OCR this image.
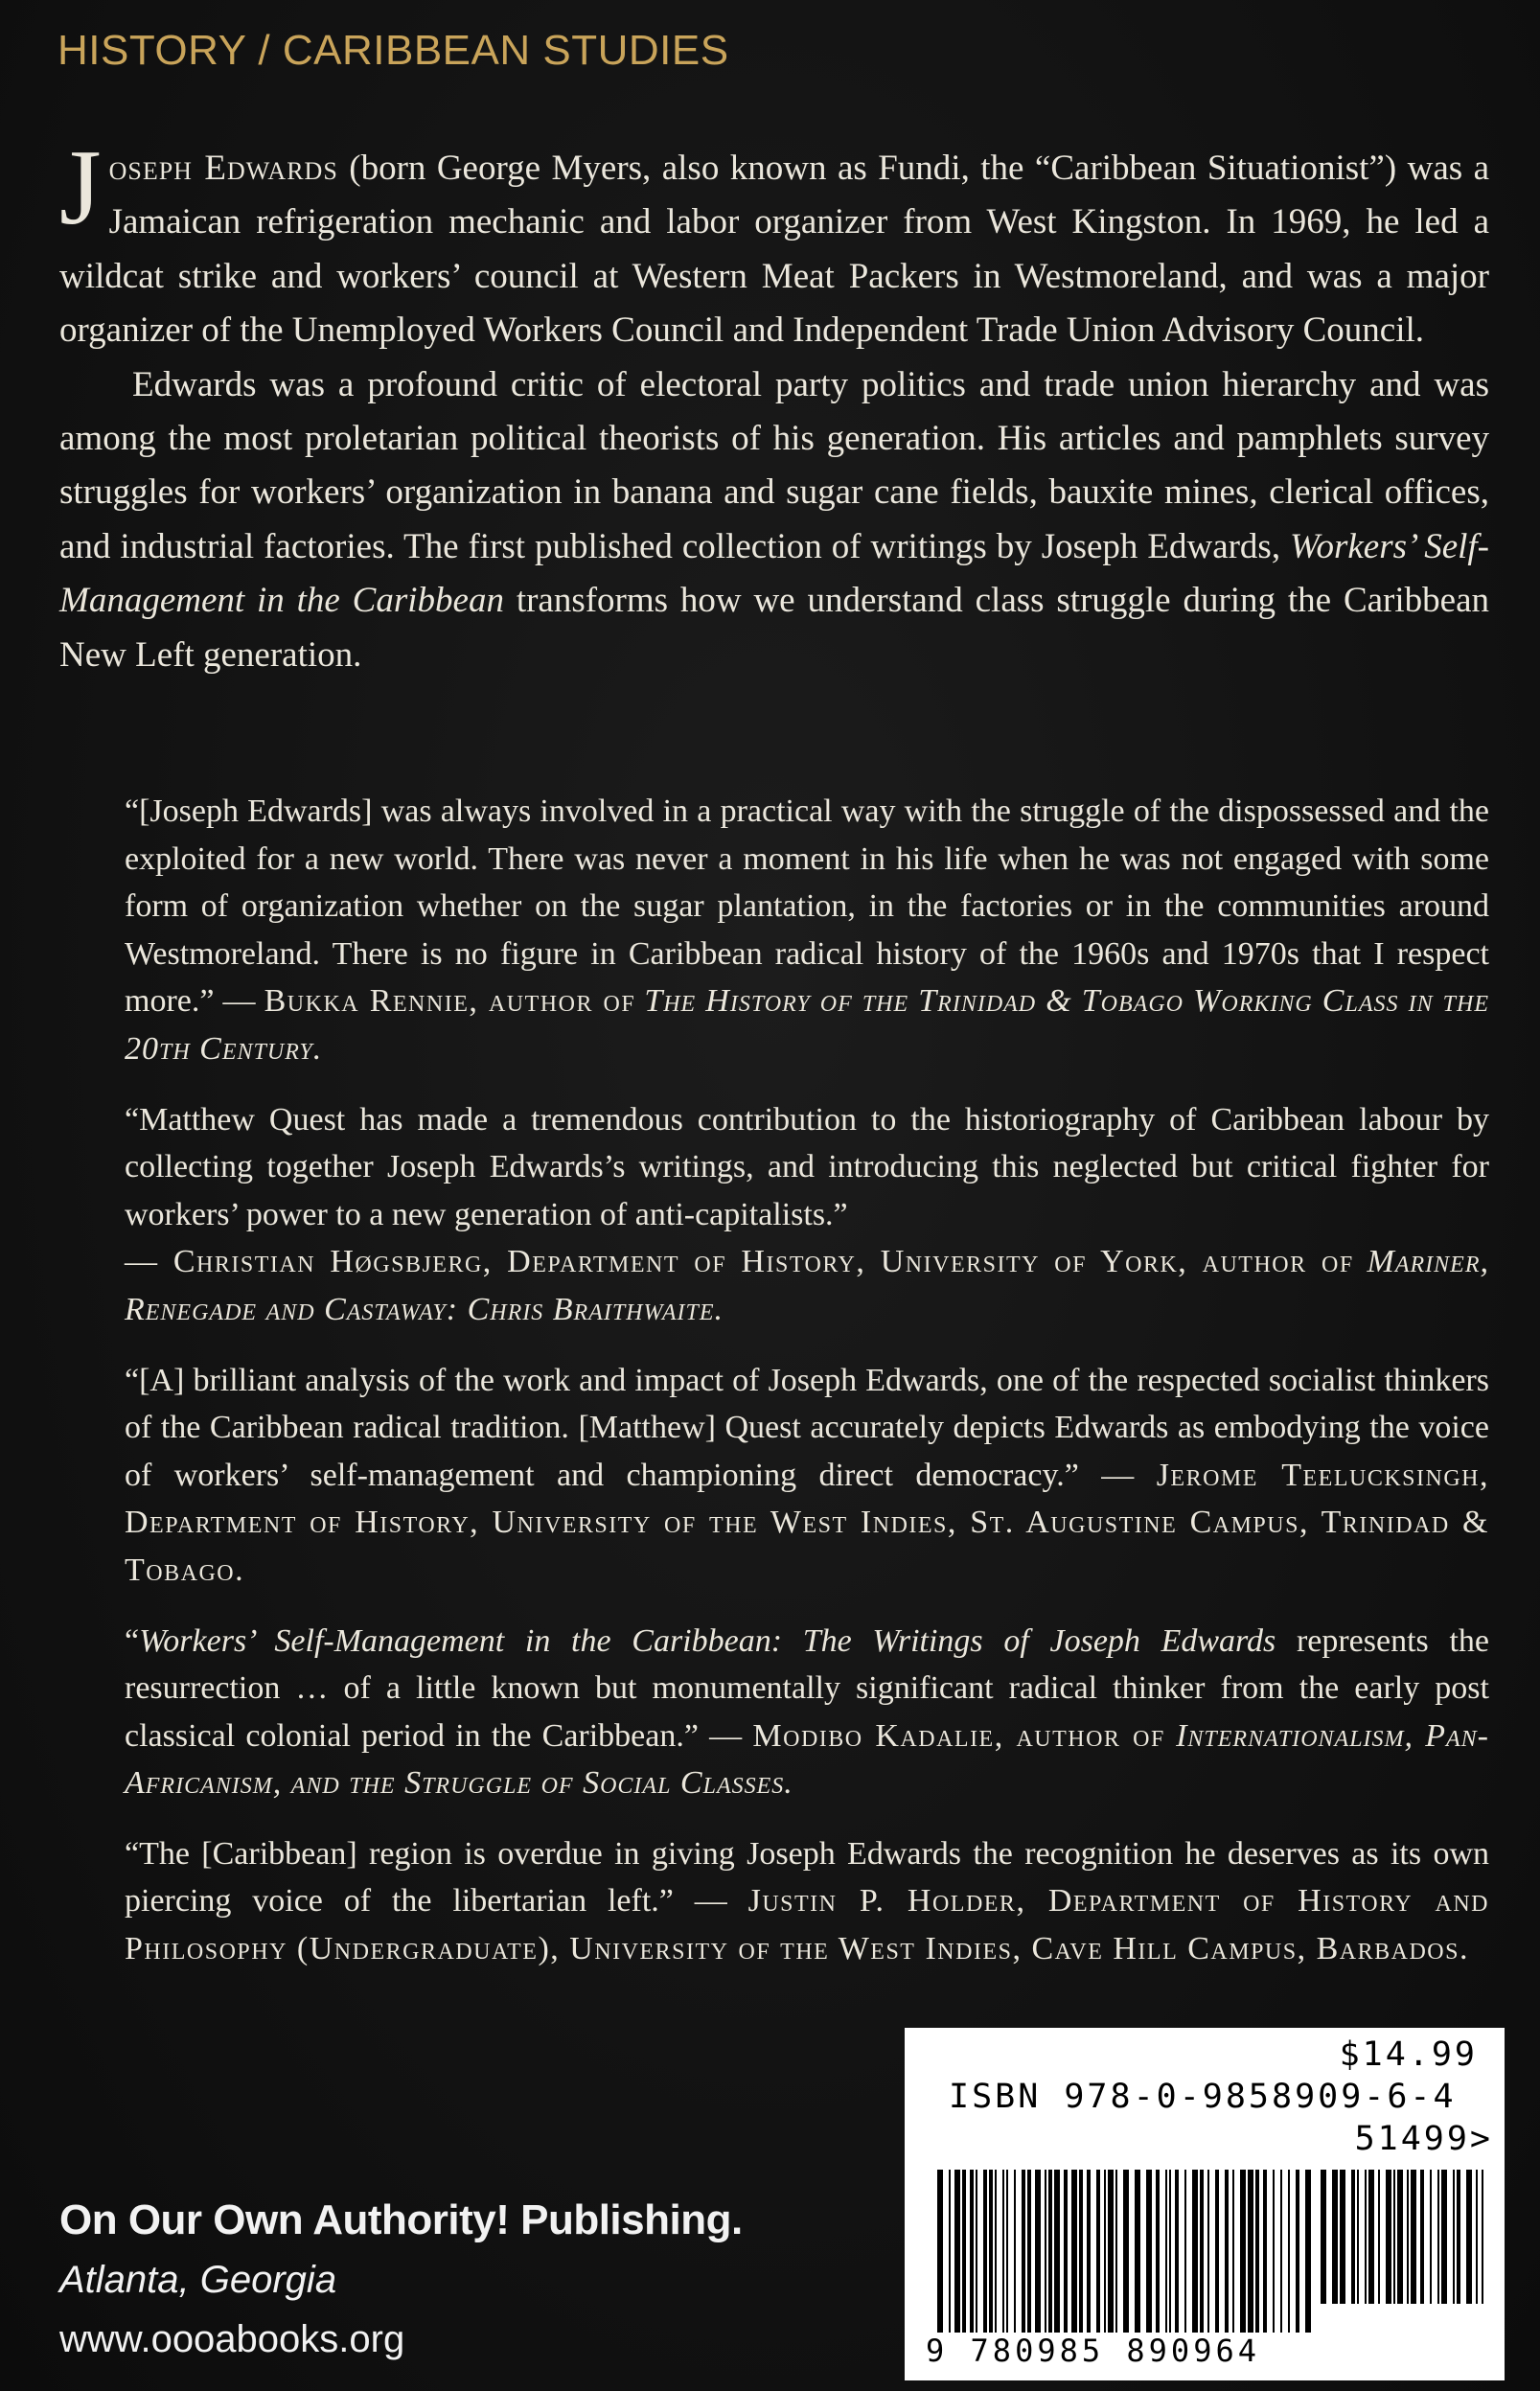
HISTORY / CARIBBEAN STUDIES

Joseph Edwards (born George Myers, also known as Fundi, the “Caribbean Situationist”) was a Jamaican refrigeration mechanic and labor organizer from West Kingston. In 1969, he led a wildcat strike and workers’ council at Western Meat Packers in Westmoreland, and was a major organizer of the Unemployed Workers Council and Independent Trade Union Advisory Council.

Edwards was a profound critic of electoral party politics and trade union hierarchy and was among the most proletarian political theorists of his generation. His articles and pamphlets survey struggles for workers’ organization in banana and sugar cane fields, bauxite mines, clerical offices, and industrial factories. The first published collection of writings by Joseph Edwards, Workers’ Self-Management in the Caribbean transforms how we understand class struggle during the Caribbean New Left generation.

“[Joseph Edwards] was always involved in a practical way with the struggle of the dispossessed and the exploited for a new world. There was never a moment in his life when he was not engaged with some form of organization whether on the sugar plantation, in the factories or in the communities around Westmoreland. There is no figure in Caribbean radical history of the 1960s and 1970s that I respect more.” — Bukka Rennie, author of The History of the Trinidad & Tobago Working Class in the 20th Century.

“Matthew Quest has made a tremendous contribution to the historiography of Caribbean labour by collecting together Joseph Edwards’s writings, and introducing this neglected but critical fighter for workers’ power to a new generation of anti-capitalists.”
— Christian Høgsbjerg, Department of History, University of York, author of Mariner, Renegade and Castaway: Chris Braithwaite.

“[A] brilliant analysis of the work and impact of Joseph Edwards, one of the respected socialist thinkers of the Caribbean radical tradition. [Matthew] Quest accurately depicts Edwards as embodying the voice of workers’ self-management and championing direct democracy.” — Jerome Teelucksingh, Department of History, University of the West Indies, St. Augustine Campus, Trinidad & Tobago.

“Workers’ Self-Management in the Caribbean: The Writings of Joseph Edwards represents the resurrection … of a little known but monumentally significant radical thinker from the early post classical colonial period in the Caribbean.” — Modibo Kadalie, author of Internationalism, Pan-Africanism, and the Struggle of Social Classes.

“The [Caribbean] region is overdue in giving Joseph Edwards the recognition he deserves as its own piercing voice of the libertarian left.” — Justin P. Holder, Department of History and Philosophy (Undergraduate), University of the West Indies, Cave Hill Campus, Barbados.

On Our Own Authority! Publishing.
Atlanta, Georgia
www.oooabooks.org
$14.99
ISBN 978-0-9858909-6-4
51499>
9 780985 890964
